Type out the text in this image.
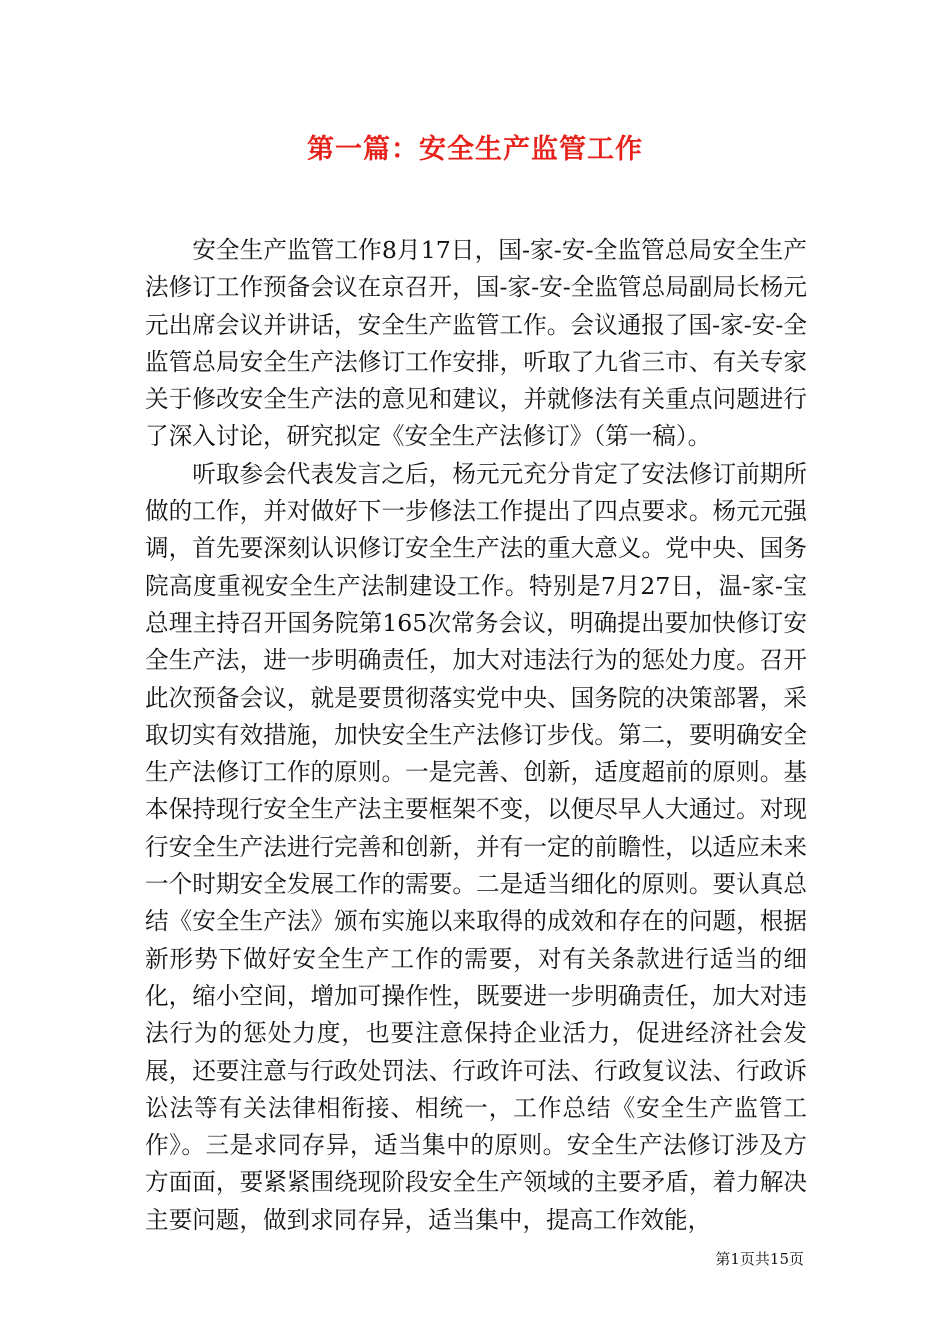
第一篇：安全生产监管工作

安全生产监管工作8月17日，国-家-安-全监管总局安全生产法修订工作预备会议在京召开，国-家-安-全监管总局副局长杨元元出席会议并讲话，安全生产监管工作。会议通报了国-家-安-全监管总局安全生产法修订工作安排，听取了九省三市、有关专家关于修改安全生产法的意见和建议，并就修法有关重点问题进行了深入讨论，研究拟定《安全生产法修订》（第一稿）。

听取参会代表发言之后，杨元元充分肯定了安法修订前期所做的工作，并对做好下一步修法工作提出了四点要求。杨元元强调，首先要深刻认识修订安全生产法的重大意义。党中央、国务院高度重视安全生产法制建设工作。特别是7月27日，温-家-宝总理主持召开国务院第165次常务会议，明确提出要加快修订安全生产法，进一步明确责任，加大对违法行为的惩处力度。召开此次预备会议，就是要贯彻落实党中央、国务院的决策部署，采取切实有效措施，加快安全生产法修订步伐。第二，要明确安全生产法修订工作的原则。一是完善、创新，适度超前的原则。基本保持现行安全生产法主要框架不变，以便尽早人大通过。对现行安全生产法进行完善和创新，并有一定的前瞻性，以适应未来一个时期安全发展工作的需要。二是适当细化的原则。要认真总结《安全生产法》颁布实施以来取得的成效和存在的问题，根据新形势下做好安全生产工作的需要，对有关条款进行适当的细化，缩小空间，增加可操作性，既要进一步明确责任，加大对违法行为的惩处力度，也要注意保持企业活力，促进经济社会发展，还要注意与行政处罚法、行政许可法、行政复议法、行政诉讼法等有关法律相衔接、相统一，工作总结《安全生产监管工作》。三是求同存异，适当集中的原则。安全生产法修订涉及方方面面，要紧紧围绕现阶段安全生产领域的主要矛盾，着力解决主要问题，做到求同存异，适当集中，提高工作效能，

第1页共15页
